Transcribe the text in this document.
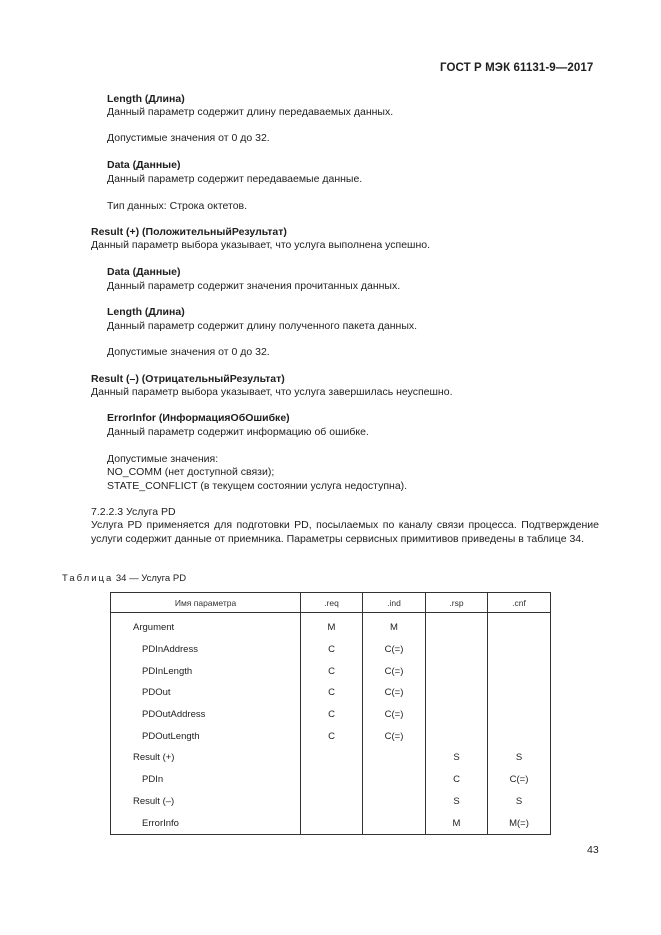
ГОСТ Р МЭК 61131-9—2017
Length (Длина)
Данный параметр содержит длину передаваемых данных.
Допустимые значения от 0 до 32.
Data (Данные)
Данный параметр содержит передаваемые данные.
Тип данных: Строка октетов.
Result (+) (ПоложительныйРезультат)
Данный параметр выбора указывает, что услуга выполнена успешно.
Data (Данные)
Данный параметр содержит значения прочитанных данных.
Length (Длина)
Данный параметр содержит длину полученного пакета данных.
Допустимые значения от 0 до 32.
Result (–) (ОтрицательныйРезультат)
Данный параметр выбора указывает, что услуга завершилась неуспешно.
ErrorInfor (ИнформацияОбОшибке)
Данный параметр содержит информацию об ошибке.
Допустимые значения:
NO_COMM (нет доступной связи);
STATE_CONFLICT (в текущем состоянии услуга недоступна).
7.2.2.3 Услуга PD
Услуга PD применяется для подготовки PD, посылаемых по каналу связи процесса. Подтверждение услуги содержит данные от приемника. Параметры сервисных примитивов приведены в таблице 34.
Таблица 34 — Услуга PD
Имя параметра	.req	.ind	.rsp	.cnf
Argument	M	M		
PDInAddress	C	C(=)		
PDInLength	C	C(=)		
PDOut	C	C(=)		
PDOutAddress	C	C(=)		
PDOutLength	C	C(=)		
Result (+)			S	S
PDIn			C	C(=)
Result (–)			S	S
ErrorInfo			M	M(=)
43
